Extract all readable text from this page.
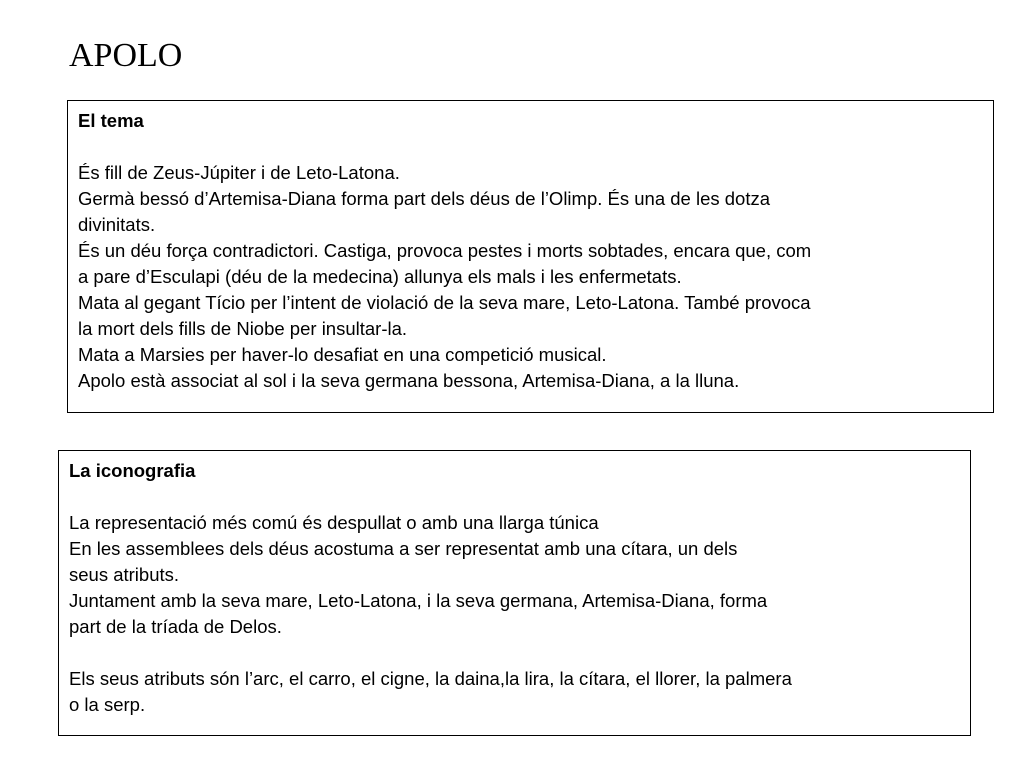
APOLO
El tema
És fill de Zeus-Júpiter i de Leto-Latona.
Germà bessó d’Artemisa-Diana forma part dels déus de l’Olimp. És una de les dotza
divinitats.
És un déu força contradictori. Castiga, provoca pestes i morts sobtades, encara que, com
a pare d’Esculapi (déu de la medecina) allunya els mals i les enfermetats.
Mata al gegant Tício per l’intent de violació de la seva mare, Leto-Latona. També provoca
la mort dels fills de Niobe per insultar-la.
Mata a Marsies per haver-lo desafiat en una competició musical.
Apolo està associat al sol i la seva germana bessona, Artemisa-Diana, a la lluna.
La iconografia
La representació més comú és despullat o amb una llarga túnica
En les assemblees dels déus acostuma a ser representat amb una cítara, un dels
seus atributs.
Juntament amb la seva mare, Leto-Latona, i la seva germana, Artemisa-Diana, forma
part de la tríada de Delos.
Els seus atributs són l’arc, el carro, el cigne, la daina,la lira, la cítara, el llorer, la palmera
o la serp.
